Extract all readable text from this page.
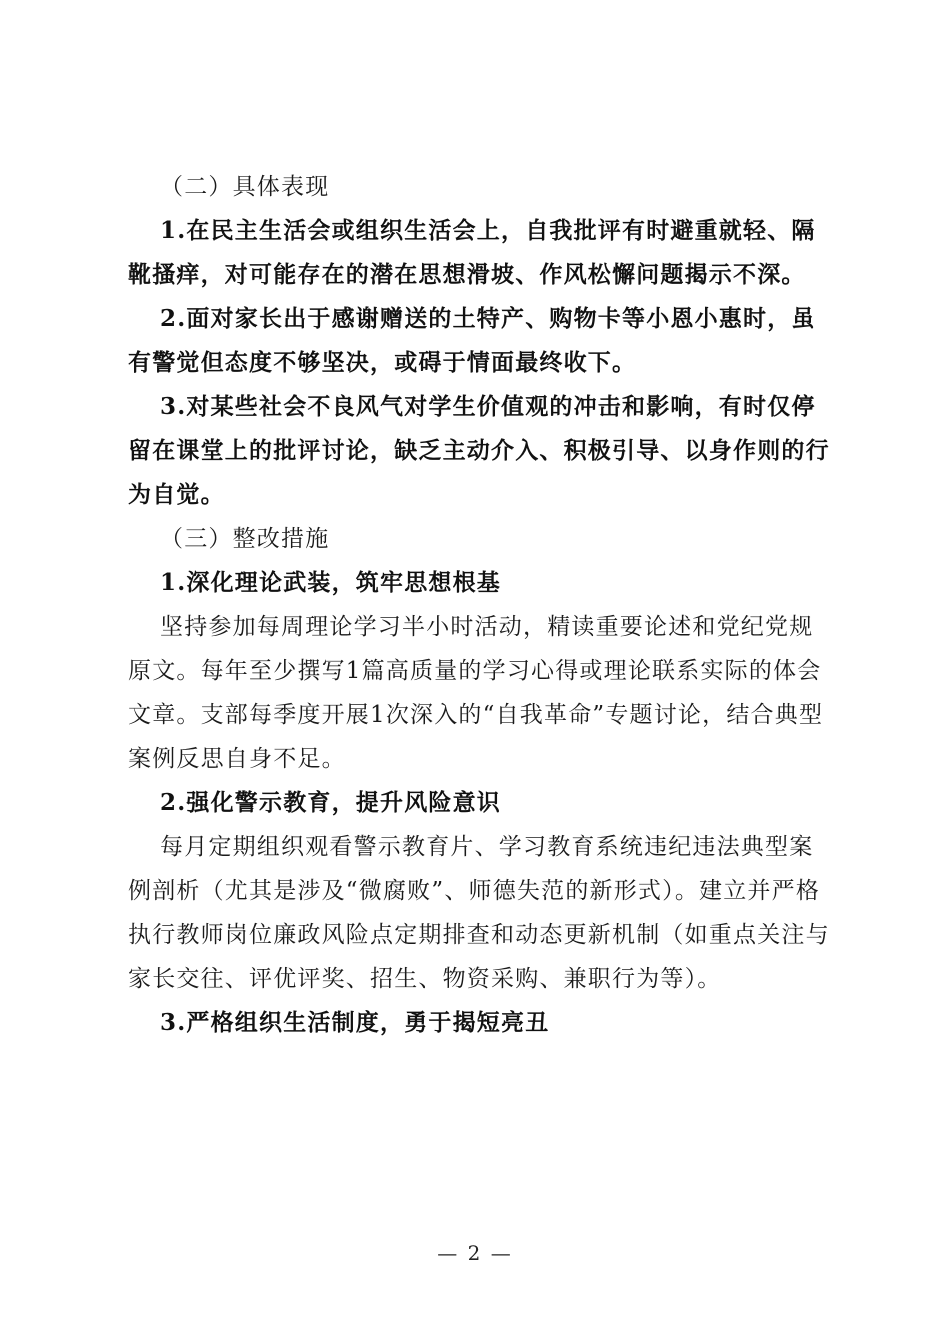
（二）具体表现

1.在民主生活会或组织生活会上，自我批评有时避重就轻、隔靴搔痒，对可能存在的潜在思想滑坡、作风松懈问题揭示不深。

2.面对家长出于感谢赠送的土特产、购物卡等小恩小惠时，虽有警觉但态度不够坚决，或碍于情面最终收下。

3.对某些社会不良风气对学生价值观的冲击和影响，有时仅停留在课堂上的批评讨论，缺乏主动介入、积极引导、以身作则的行为自觉。

（三）整改措施

1.深化理论武装，筑牢思想根基

坚持参加每周理论学习半小时活动，精读重要论述和党纪党规原文。每年至少撰写1篇高质量的学习心得或理论联系实际的体会文章。支部每季度开展1次深入的“自我革命”专题讨论，结合典型案例反思自身不足。

2.强化警示教育，提升风险意识

每月定期组织观看警示教育片、学习教育系统违纪违法典型案例剖析（尤其是涉及“微腐败”、师德失范的新形式）。建立并严格执行教师岗位廉政风险点定期排查和动态更新机制（如重点关注与家长交往、评优评奖、招生、物资采购、兼职行为等）。

3.严格组织生活制度，勇于揭短亮丑

— 2 —
